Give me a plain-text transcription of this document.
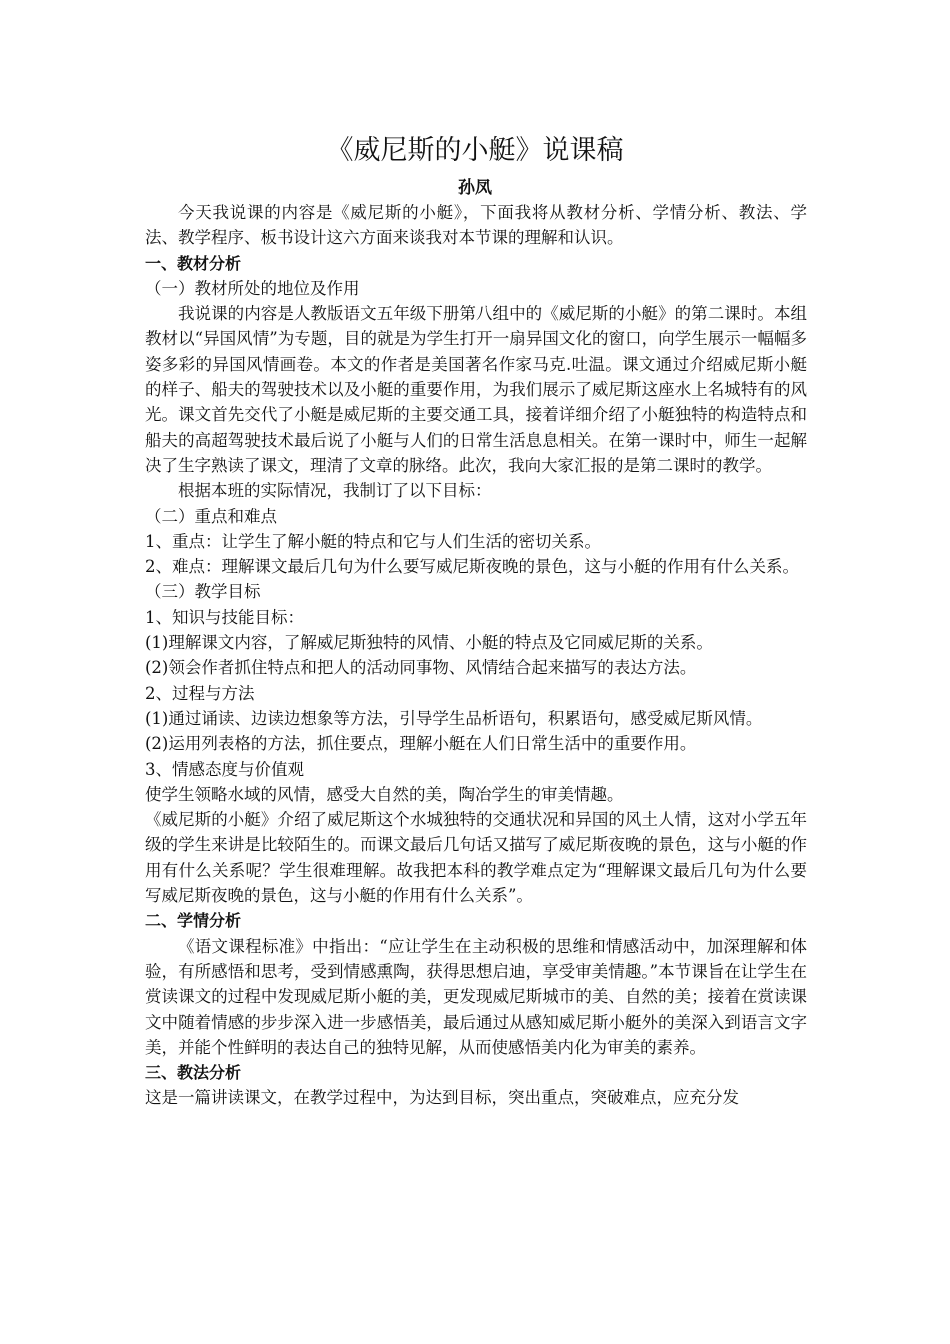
《威尼斯的小艇》说课稿
孙凤

今天我说课的内容是《威尼斯的小艇》，下面我将从教材分析、学情分析、教法、学法、教学程序、板书设计这六方面来谈我对本节课的理解和认识。

一、教材分析

（一）教材所处的地位及作用

我说课的内容是人教版语文五年级下册第八组中的《威尼斯的小艇》的第二课时。本组教材以“异国风情”为专题，目的就是为学生打开一扇异国文化的窗口，向学生展示一幅幅多姿多彩的异国风情画卷。本文的作者是美国著名作家马克.吐温。课文通过介绍威尼斯小艇的样子、船夫的驾驶技术以及小艇的重要作用，为我们展示了威尼斯这座水上名城特有的风光。课文首先交代了小艇是威尼斯的主要交通工具，接着详细介绍了小艇独特的构造特点和船夫的高超驾驶技术最后说了小艇与人们的日常生活息息相关。在第一课时中，师生一起解决了生字熟读了课文，理清了文章的脉络。此次，我向大家汇报的是第二课时的教学。

根据本班的实际情况，我制订了以下目标：

（二）重点和难点

1、重点：让学生了解小艇的特点和它与人们生活的密切关系。

2、难点：理解课文最后几句为什么要写威尼斯夜晚的景色，这与小艇的作用有什么关系。

（三）教学目标

1、知识与技能目标：

(1)理解课文内容，了解威尼斯独特的风情、小艇的特点及它同威尼斯的关系。

(2)领会作者抓住特点和把人的活动同事物、风情结合起来描写的表达方法。

2、过程与方法

(1)通过诵读、边读边想象等方法，引导学生品析语句，积累语句，感受威尼斯风情。

(2)运用列表格的方法，抓住要点，理解小艇在人们日常生活中的重要作用。

3、情感态度与价值观

使学生领略水域的风情，感受大自然的美，陶冶学生的审美情趣。

《威尼斯的小艇》介绍了威尼斯这个水城独特的交通状况和异国的风土人情，这对小学五年级的学生来讲是比较陌生的。而课文最后几句话又描写了威尼斯夜晚的景色，这与小艇的作用有什么关系呢？学生很难理解。故我把本科的教学难点定为“理解课文最后几句为什么要写威尼斯夜晚的景色，这与小艇的作用有什么关系”。

二、学情分析

《语文课程标准》中指出：“应让学生在主动积极的思维和情感活动中，加深理解和体验，有所感悟和思考，受到情感熏陶，获得思想启迪，享受审美情趣。”本节课旨在让学生在赏读课文的过程中发现威尼斯小艇的美，更发现威尼斯城市的美、自然的美；接着在赏读课文中随着情感的步步深入进一步感悟美，最后通过从感知威尼斯小艇外的美深入到语言文字美，并能个性鲜明的表达自己的独特见解，从而使感悟美内化为审美的素养。

三、教法分析

这是一篇讲读课文，在教学过程中，为达到目标，突出重点，突破难点，应充分发
